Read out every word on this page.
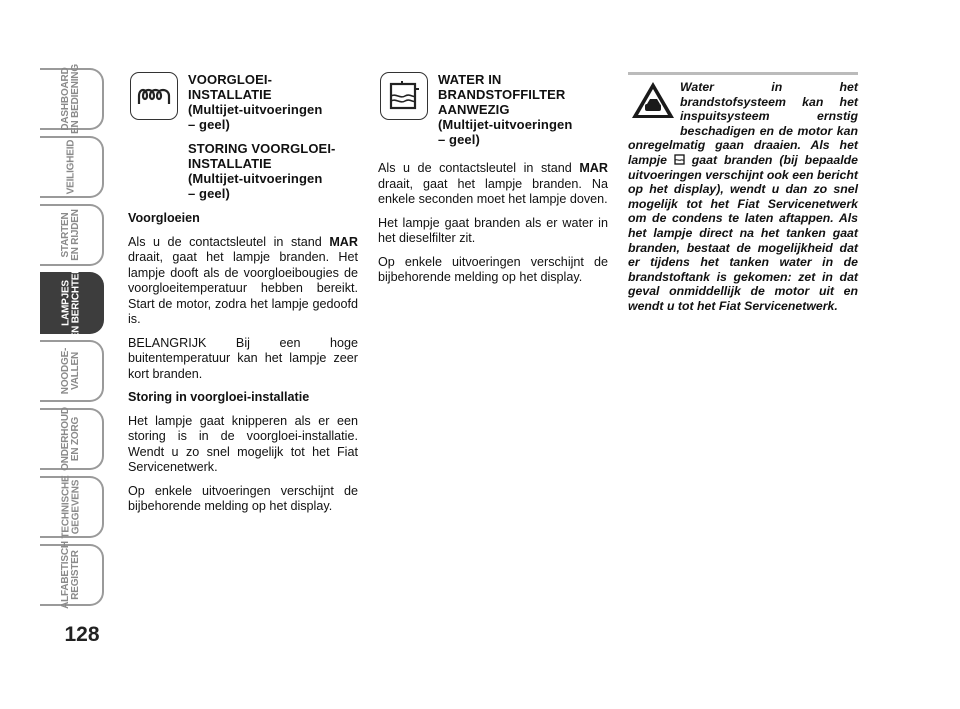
DASHBOARD EN BEDIENING
VEILIGHEID
STARTEN EN RIJDEN
LAMPJES EN BERICHTEN
NOODGE- VALLEN
ONDERHOUD EN ZORG
TECHNISCHE GEGEVENS
ALFABETISCH REGISTER
128
VOORGLOEI-
INSTALLATIE
(Multijet-uitvoeringen
– geel)
STORING VOORGLOEI-
INSTALLATIE
(Multijet-uitvoeringen
– geel)

Voorgloeien

Als u de contactsleutel in stand MAR draait, gaat het lampje branden. Het lampje dooft als de voorgloeibougies de voorgloeitemperatuur hebben bereikt. Start de motor, zodra het lampje gedoofd is.

BELANGRIJK Bij een hoge buitentemperatuur kan het lampje zeer kort branden.

Storing in voorgloei-installatie

Het lampje gaat knipperen als er een storing is in de voorgloei-installatie. Wendt u zo snel mogelijk tot het Fiat Servicenetwerk.

Op enkele uitvoeringen verschijnt de bijbehorende melding op het display.

WATER IN
BRANDSTOFFILTER
AANWEZIG
(Multijet-uitvoeringen
– geel)

Als u de contactsleutel in stand MAR draait, gaat het lampje branden. Na enkele seconden moet het lampje doven.

Het lampje gaat branden als er water in het dieselfilter zit.

Op enkele uitvoeringen verschijnt de bijbehorende melding op het display.

Water in het brandstofsysteem kan het inspuitsysteem ernstig beschadigen en de motor kan onregelmatig gaan draaien. Als het lampje  gaat branden (bij bepaalde uitvoeringen verschijnt ook een bericht op het display), wendt u dan zo snel mogelijk tot het Fiat Servicenetwerk om de condens te laten aftappen. Als het lampje direct na het tanken gaat branden, bestaat de mogelijkheid dat er tijdens het tanken water in de brandstoftank is gekomen: zet in dat geval onmiddellijk de motor uit en wendt u tot het Fiat Servicenetwerk.
